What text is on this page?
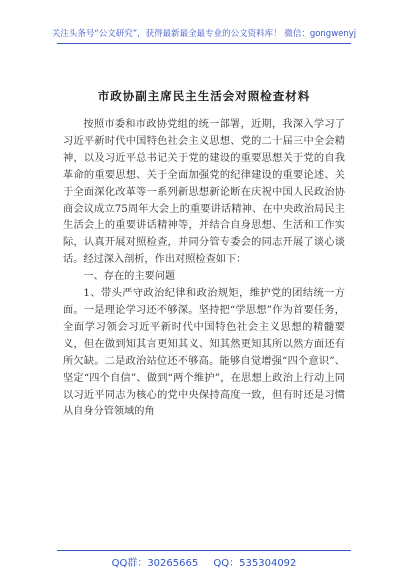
关注头条号“公文研究”，获得最新最全最专业的公文资料库！ 微信：gongwenyj
市政协副主席民主生活会对照检查材料

按照市委和市政协党组的统一部署，近期，我深入学习了习近平新时代中国特色社会主义思想、党的二十届三中全会精神，以及习近平总书记关于党的建设的重要思想关于党的自我革命的重要思想、关于全面加强党的纪律建设的重要论述、关于全面深化改革等一系列新思想新论断在庆祝中国人民政治协商会议成立75周年大会上的重要讲话精神、在中央政治局民主生活会上的重要讲话精神等，并结合自身思想、生活和工作实际，认真开展对照检查，并同分管专委会的同志开展了谈心谈话。经过深入剖析，作出对照检查如下：

一、存在的主要问题

1、带头严守政治纪律和政治规矩，维护党的团结统一方面。一是理论学习还不够深。坚持把“学思想”作为首要任务，全面学习领会习近平新时代中国特色社会主义思想的精髓要义，但在做到知其言更知其义、知其然更知其所以然方面还有所欠缺。二是政治站位还不够高。能够自觉增强“四个意识”、坚定“四个自信”、做到“两个维护”，在思想上政治上行动上同以习近平同志为核心的党中央保持高度一致，但有时还是习惯从自身分管领域的角

QQ群：30265665 QQ：535304092
